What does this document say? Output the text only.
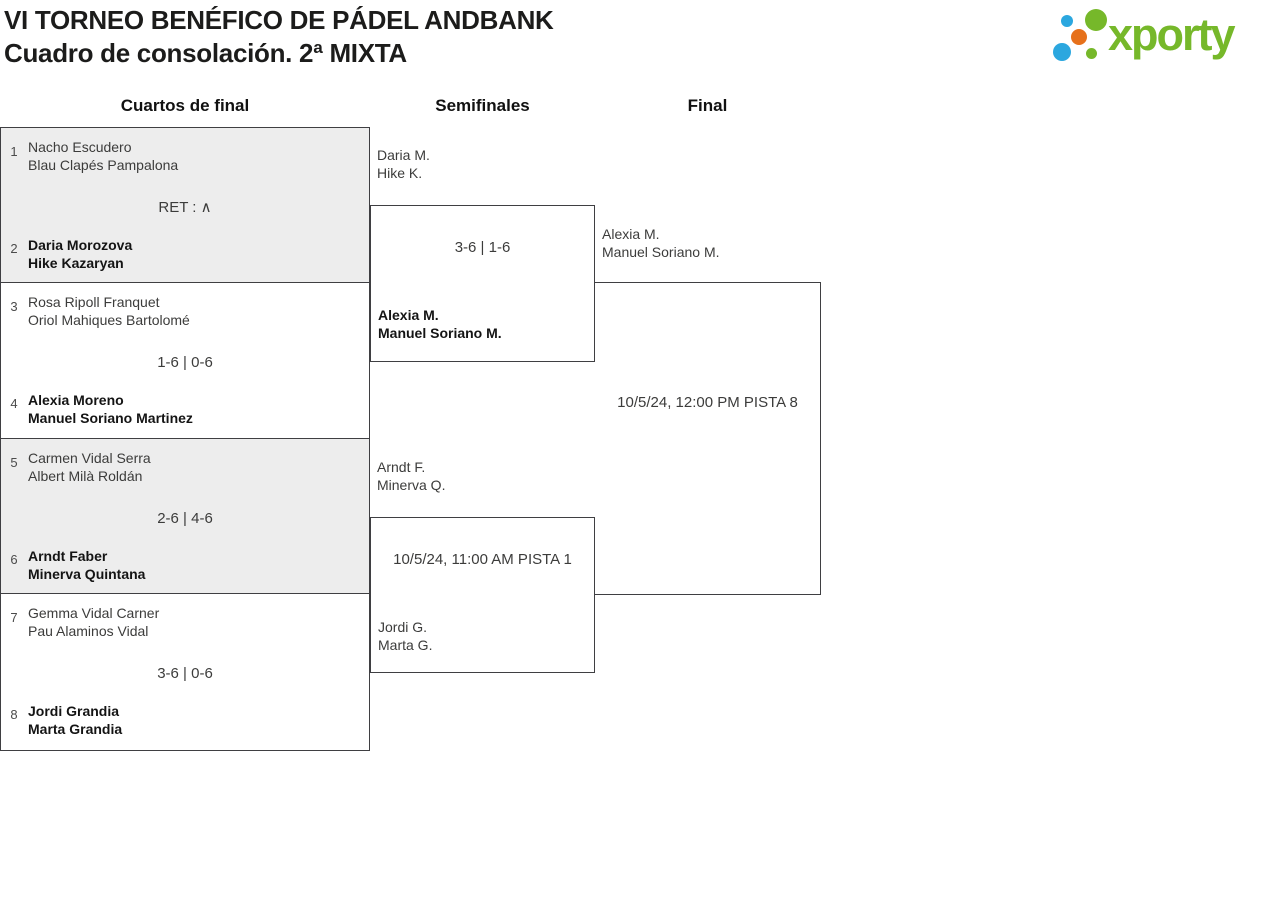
VI TORNEO BENÉFICO DE PÁDEL ANDBANK
Cuadro de consolación. 2ª MIXTA	xporty
Cuartos de final	Semifinales	Final
1 Nacho Escudero
Blau Clapés Pampalona
RET : ∧
2 Daria Morozova
Hike Kazaryan
3 Rosa Ripoll Franquet
Oriol Mahiques Bartolomé
1-6 | 0-6
4 Alexia Moreno
Manuel Soriano Martinez
5 Carmen Vidal Serra
Albert Milà Roldán
2-6 | 4-6
6 Arndt Faber
Minerva Quintana
7 Gemma Vidal Carner
Pau Alaminos Vidal
3-6 | 0-6
8 Jordi Grandia
Marta Grandia
Daria M.
Hike K.
3-6 | 1-6
Alexia M.
Manuel Soriano M.
Arndt F.
Minerva Q.
10/5/24, 11:00 AM PISTA 1
Jordi G.
Marta G.
Alexia M.
Manuel Soriano M.
10/5/24, 12:00 PM PISTA 8
